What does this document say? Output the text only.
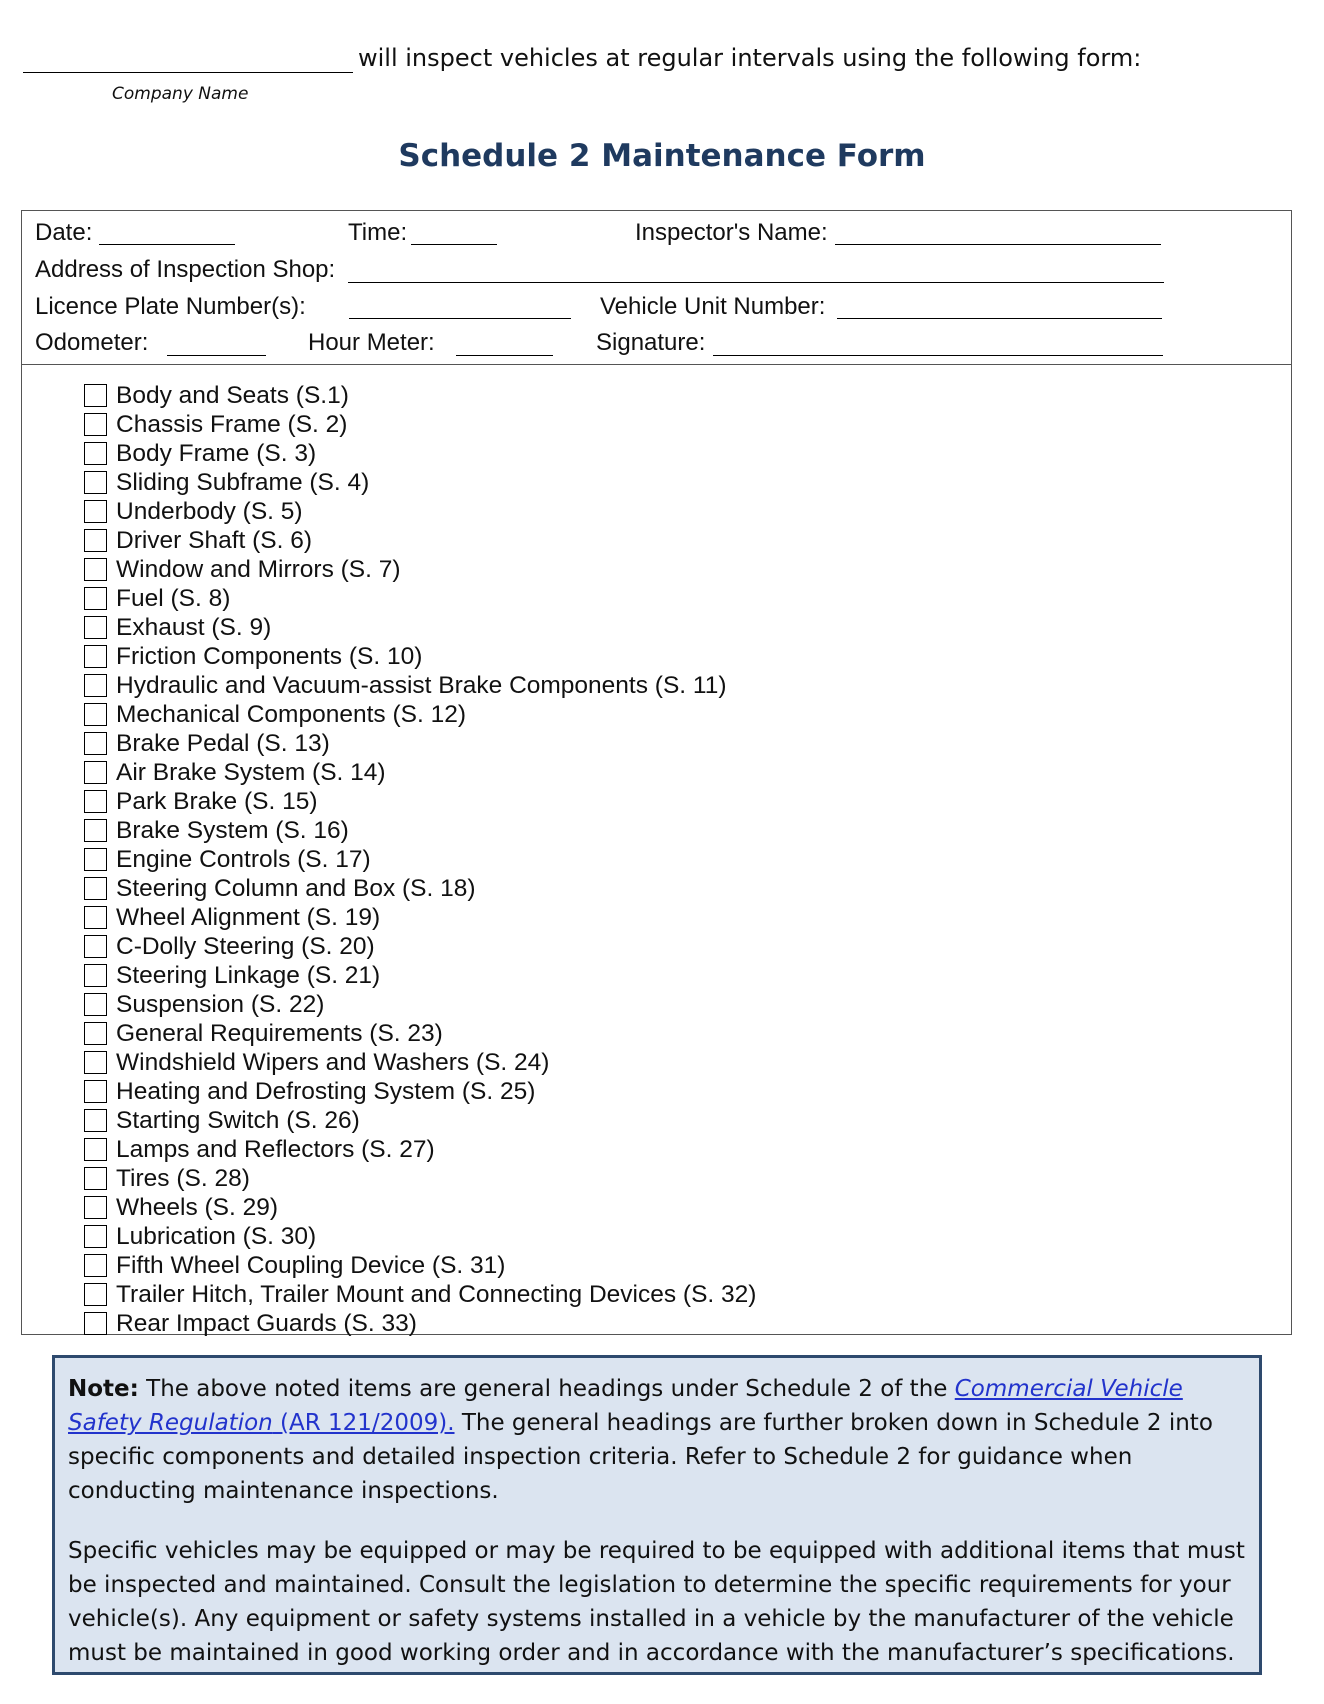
will inspect vehicles at regular intervals using the following form:
Company Name
Schedule 2 Maintenance Form
Date:	Time:	Inspector's Name:
Address of Inspection Shop:
Licence Plate Number(s):	Vehicle Unit Number:
Odometer:	Hour Meter:	Signature:
Body and Seats (S.1)
Chassis Frame (S. 2)
Body Frame (S. 3)
Sliding Subframe (S. 4)
Underbody (S. 5)
Driver Shaft (S. 6)
Window and Mirrors (S. 7)
Fuel (S. 8)
Exhaust (S. 9)
Friction Components (S. 10)
Hydraulic and Vacuum-assist Brake Components (S. 11)
Mechanical Components (S. 12)
Brake Pedal (S. 13)
Air Brake System (S. 14)
Park Brake (S. 15)
Brake System (S. 16)
Engine Controls (S. 17)
Steering Column and Box (S. 18)
Wheel Alignment (S. 19)
C-Dolly Steering (S. 20)
Steering Linkage (S. 21)
Suspension (S. 22)
General Requirements (S. 23)
Windshield Wipers and Washers (S. 24)
Heating and Defrosting System (S. 25)
Starting Switch (S. 26)
Lamps and Reflectors (S. 27)
Tires (S. 28)
Wheels (S. 29)
Lubrication (S. 30)
Fifth Wheel Coupling Device (S. 31)
Trailer Hitch, Trailer Mount and Connecting Devices (S. 32)
Rear Impact Guards (S. 33)

Note: The above noted items are general headings under Schedule 2 of the Commercial Vehicle Safety Regulation (AR 121/2009). The general headings are further broken down in Schedule 2 into specific components and detailed inspection criteria. Refer to Schedule 2 for guidance when conducting maintenance inspections.

Specific vehicles may be equipped or may be required to be equipped with additional items that must be inspected and maintained. Consult the legislation to determine the specific requirements for your vehicle(s). Any equipment or safety systems installed in a vehicle by the manufacturer of the vehicle must be maintained in good working order and in accordance with the manufacturer’s specifications.
